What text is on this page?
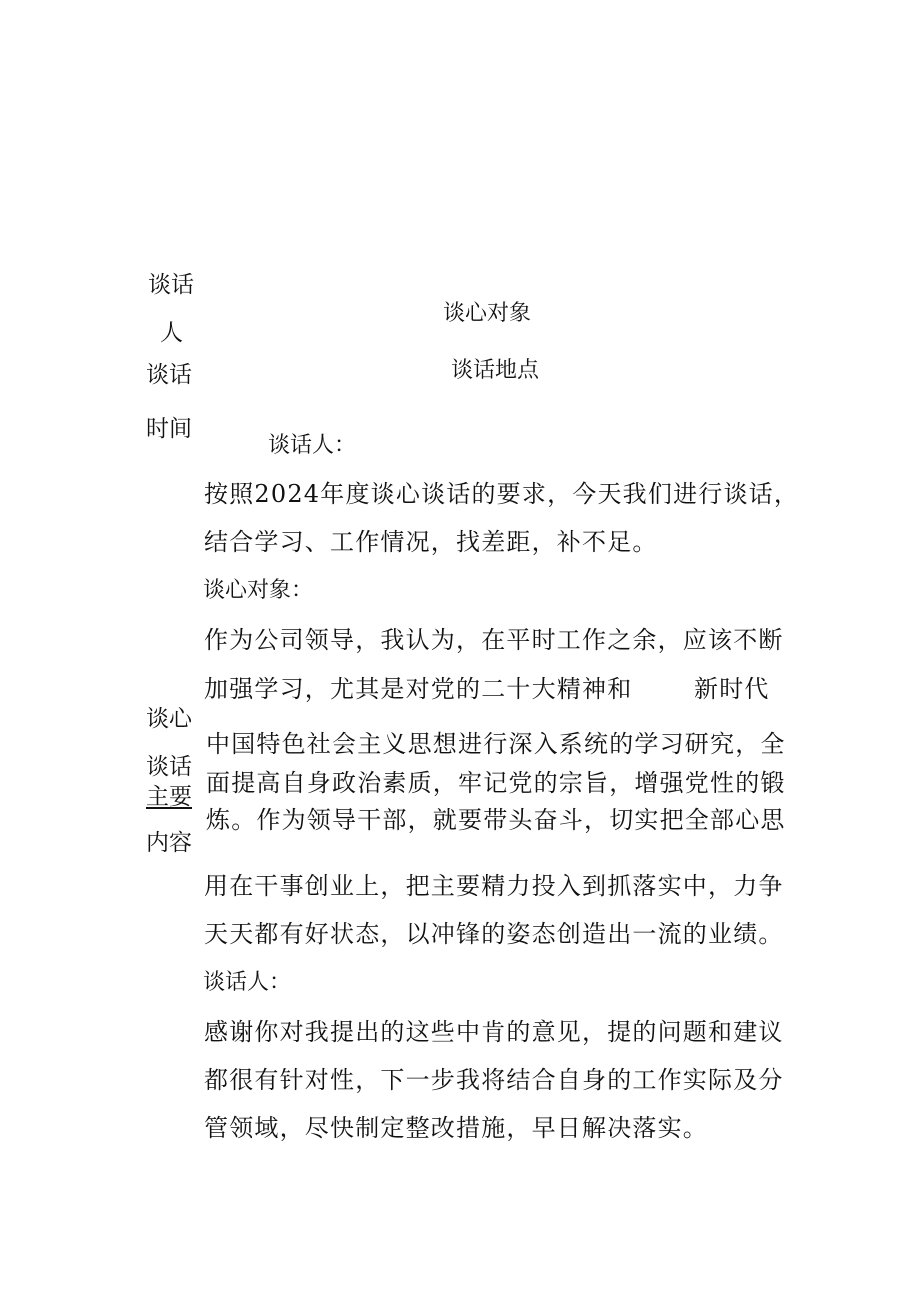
谈话
人
谈话
时间
谈心
谈话
主要
内容
谈心对象
谈话地点
谈话人：
按照2024年度谈心谈话的要求，今天我们进行谈话，
结合学习、工作情况，找差距，补不足。
谈心对象：
作为公司领导，我认为，在平时工作之余，应该不断
加强学习，尤其是对党的二十大精神和	新时代
中国特色社会主义思想进行深入系统的学习研究，全
面提高自身政治素质，牢记党的宗旨，增强党性的锻
炼。作为领导干部，就要带头奋斗，切实把全部心思
用在干事创业上，把主要精力投入到抓落实中，力争
天天都有好状态，以冲锋的姿态创造出一流的业绩。
谈话人：
感谢你对我提出的这些中肯的意见，提的问题和建议
都很有针对性，下一步我将结合自身的工作实际及分
管领域，尽快制定整改措施，早日解决落实。
